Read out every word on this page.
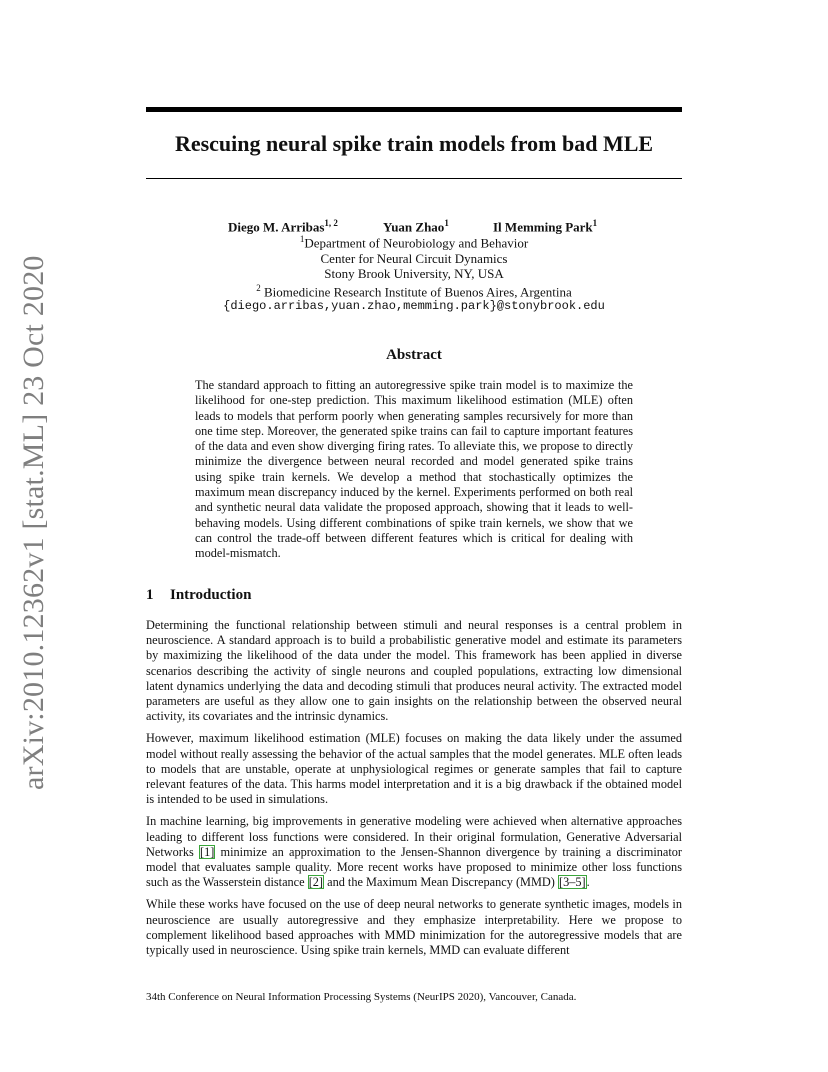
arXiv:2010.12362v1 [stat.ML] 23 Oct 2020
Rescuing neural spike train models from bad MLE
Diego M. Arribas$^{1, 2}$	Yuan Zhao$^1$	Il Memming Park$^1$
$^1$Department of Neurobiology and Behavior
Center for Neural Circuit Dynamics
Stony Brook University, NY, USA
$^2$ Biomedicine Research Institute of Buenos Aires, Argentina
{diego.arribas,yuan.zhao,memming.park}@stonybrook.edu
Abstract

The standard approach to fitting an autoregressive spike train model is to maximize the likelihood for one-step prediction. This maximum likelihood estimation (MLE) often leads to models that perform poorly when generating samples recursively for more than one time step. Moreover, the generated spike trains can fail to capture important features of the data and even show diverging firing rates. To alleviate this, we propose to directly minimize the divergence between neural recorded and model generated spike trains using spike train kernels. We develop a method that stochastically optimizes the maximum mean discrepancy induced by the kernel. Experiments performed on both real and synthetic neural data validate the proposed approach, showing that it leads to well-behaving models. Using different combinations of spike train kernels, we show that we can control the trade-off between different features which is critical for dealing with model-mismatch.

1 Introduction

Determining the functional relationship between stimuli and neural responses is a central problem in neuroscience. A standard approach is to build a probabilistic generative model and estimate its parameters by maximizing the likelihood of the data under the model. This framework has been applied in diverse scenarios describing the activity of single neurons and coupled populations, extracting low dimensional latent dynamics underlying the data and decoding stimuli that produces neural activity. The extracted model parameters are useful as they allow one to gain insights on the relationship between the observed neural activity, its covariates and the intrinsic dynamics.

However, maximum likelihood estimation (MLE) focuses on making the data likely under the assumed model without really assessing the behavior of the actual samples that the model generates. MLE often leads to models that are unstable, operate at unphysiological regimes or generate samples that fail to capture relevant features of the data. This harms model interpretation and it is a big drawback if the obtained model is intended to be used in simulations.

In machine learning, big improvements in generative modeling were achieved when alternative approaches leading to different loss functions were considered. In their original formulation, Generative Adversarial Networks [1] minimize an approximation to the Jensen-Shannon divergence by training a discriminator model that evaluates sample quality. More recent works have proposed to minimize other loss functions such as the Wasserstein distance [2] and the Maximum Mean Discrepancy (MMD) [3–5].

While these works have focused on the use of deep neural networks to generate synthetic images, models in neuroscience are usually autoregressive and they emphasize interpretability. Here we propose to complement likelihood based approaches with MMD minimization for the autoregressive models that are typically used in neuroscience. Using spike train kernels, MMD can evaluate different

34th Conference on Neural Information Processing Systems (NeurIPS 2020), Vancouver, Canada.
